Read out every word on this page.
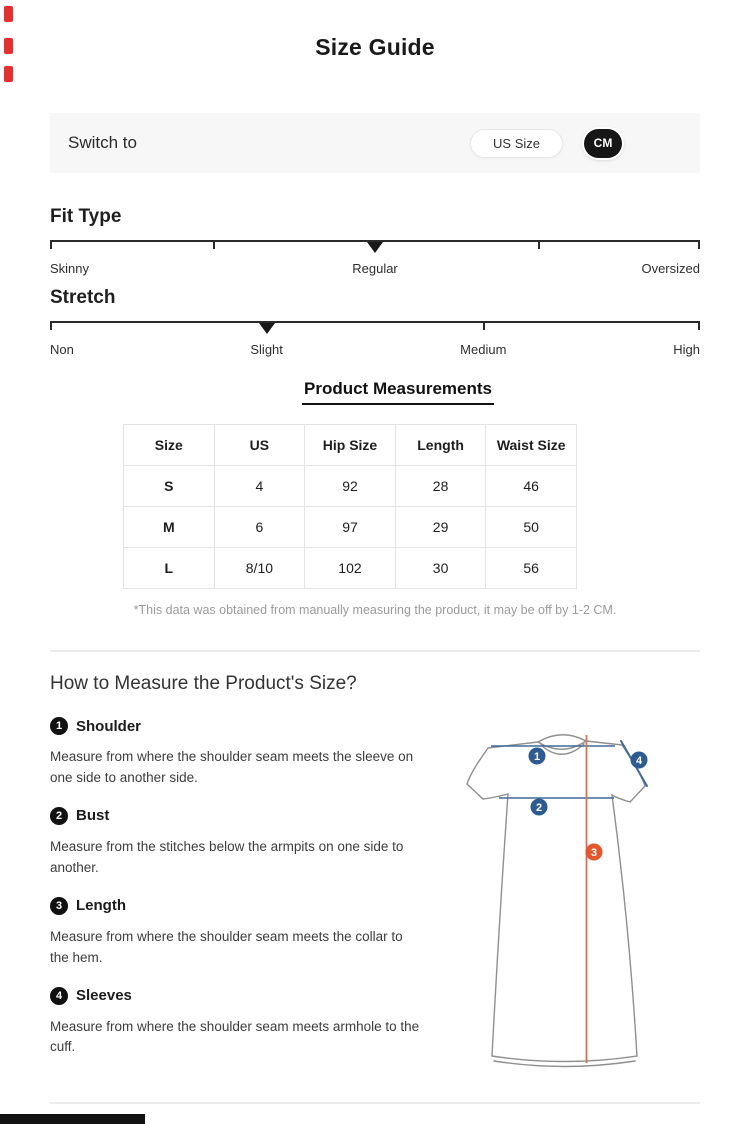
Size Guide
Switch to	US Size	CM
Fit Type
Skinny	Regular	Oversized
Stretch
Non	Slight	Medium	High
Product Measurements
Size	US	Hip Size	Length	Waist Size
S	4	92	28	46
M	6	97	29	50
L	8/10	102	30	56
*This data was obtained from manually measuring the product, it may be off by 1-2 CM.
How to Measure the Product's Size?
1 Shoulder
Measure from where the shoulder seam meets the sleeve on one side to another side.
2 Bust
Measure from the stitches below the armpits on one side to another.
3 Length
Measure from where the shoulder seam meets the collar to the hem.
4 Sleeves
Measure from where the shoulder seam meets armhole to the cuff.
1
2
3
4
